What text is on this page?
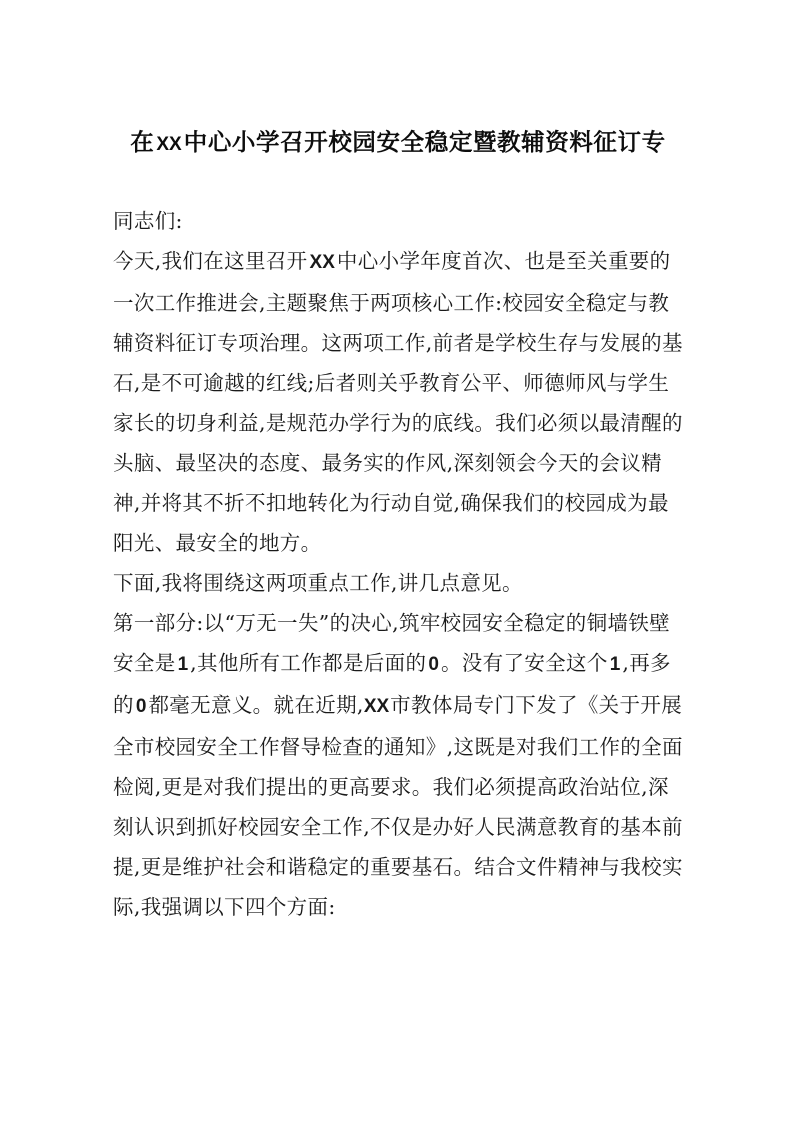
在 XX中心小学召开校园安全稳定暨教辅资料征订专

同志们:

今天,我们在这里召开 XX中心小学年度首次、也是至关重要的一次工作推进会,主题聚焦于两项核心工作:校园安全稳定与教辅资料征订专项治理。这两项工作,前者是学校生存与发展的基石,是不可逾越的红线;后者则关乎教育公平、师德师风与学生家长的切身利益,是规范办学行为的底线。我们必须以最清醒的头脑、最坚决的态度、最务实的作风,深刻领会今天的会议精神,并将其不折不扣地转化为行动自觉,确保我们的校园成为最阳光、最安全的地方。

下面,我将围绕这两项重点工作,讲几点意见。

第一部分:以“万无一失”的决心,筑牢校园安全稳定的铜墙铁壁

安全是 1,其他所有工作都是后面的 0。没有了安全这个 1,再多的 0都毫无意义。就在近期,XX市教体局专门下发了《关于开展全市校园安全工作督导检查的通知》,这既是对我们工作的全面检阅,更是对我们提出的更高要求。我们必须提高政治站位,深刻认识到抓好校园安全工作,不仅是办好人民满意教育的基本前提,更是维护社会和谐稳定的重要基石。结合文件精神与我校实际,我强调以下四个方面:
